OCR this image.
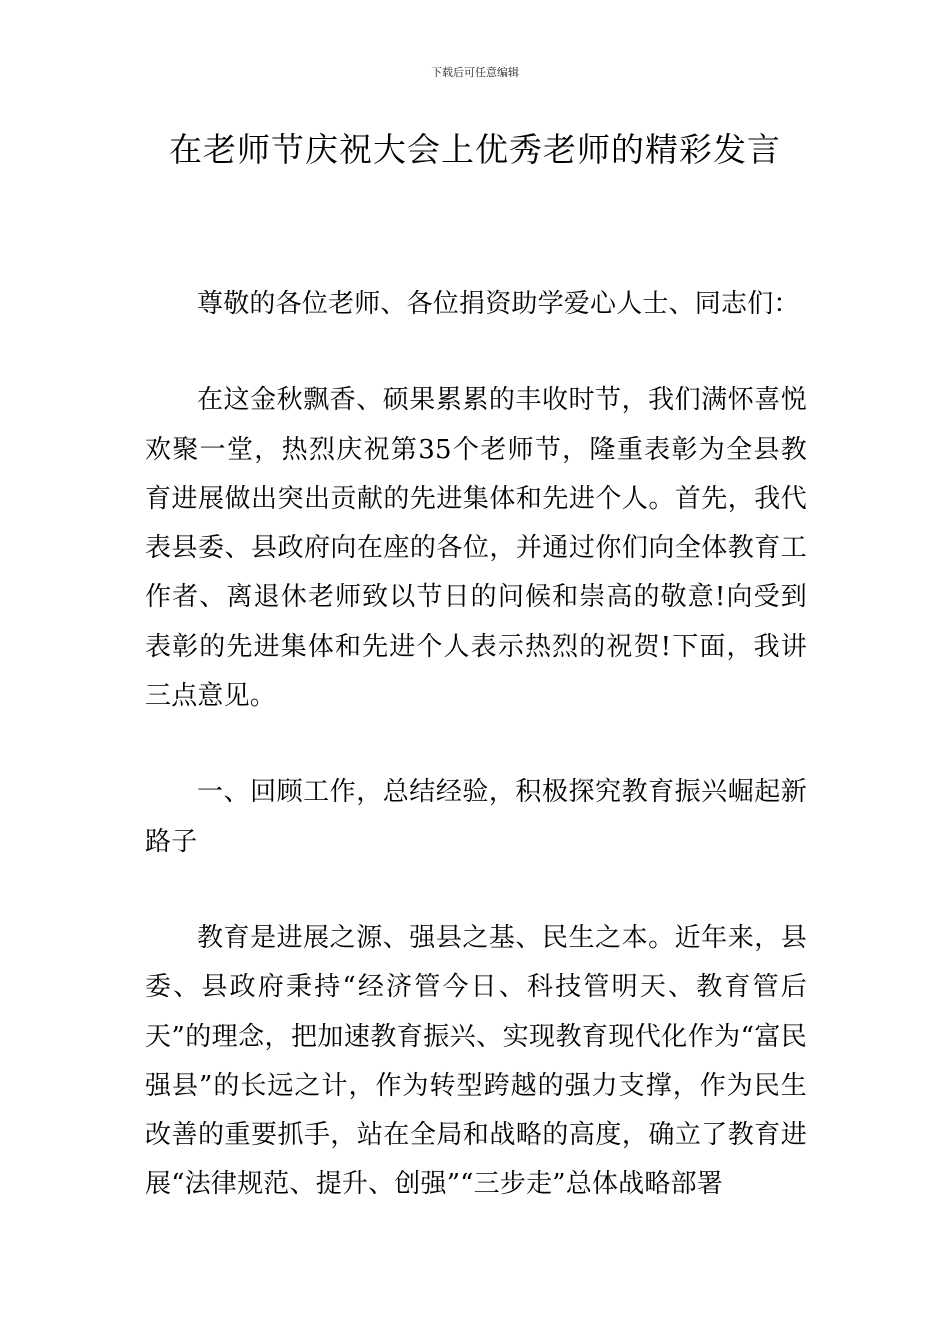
下载后可任意编辑
在老师节庆祝大会上优秀老师的精彩发言

尊敬的各位老师、各位捐资助学爱心人士、同志们：

在这金秋飘香、硕果累累的丰收时节，我们满怀喜悦欢聚一堂，热烈庆祝第35个老师节，隆重表彰为全县教育进展做出突出贡献的先进集体和先进个人。首先，我代表县委、县政府向在座的各位，并通过你们向全体教育工作者、离退休老师致以节日的问候和崇高的敬意!向受到表彰的先进集体和先进个人表示热烈的祝贺!下面，我讲三点意见。

一、回顾工作，总结经验，积极探究教育振兴崛起新路子

教育是进展之源、强县之基、民生之本。近年来，县委、县政府秉持“经济管今日、科技管明天、教育管后天”的理念，把加速教育振兴、实现教育现代化作为“富民强县”的长远之计，作为转型跨越的强力支撑，作为民生改善的重要抓手，站在全局和战略的高度，确立了教育进展“法律规范、提升、创强”“三步走”总体战略部署
